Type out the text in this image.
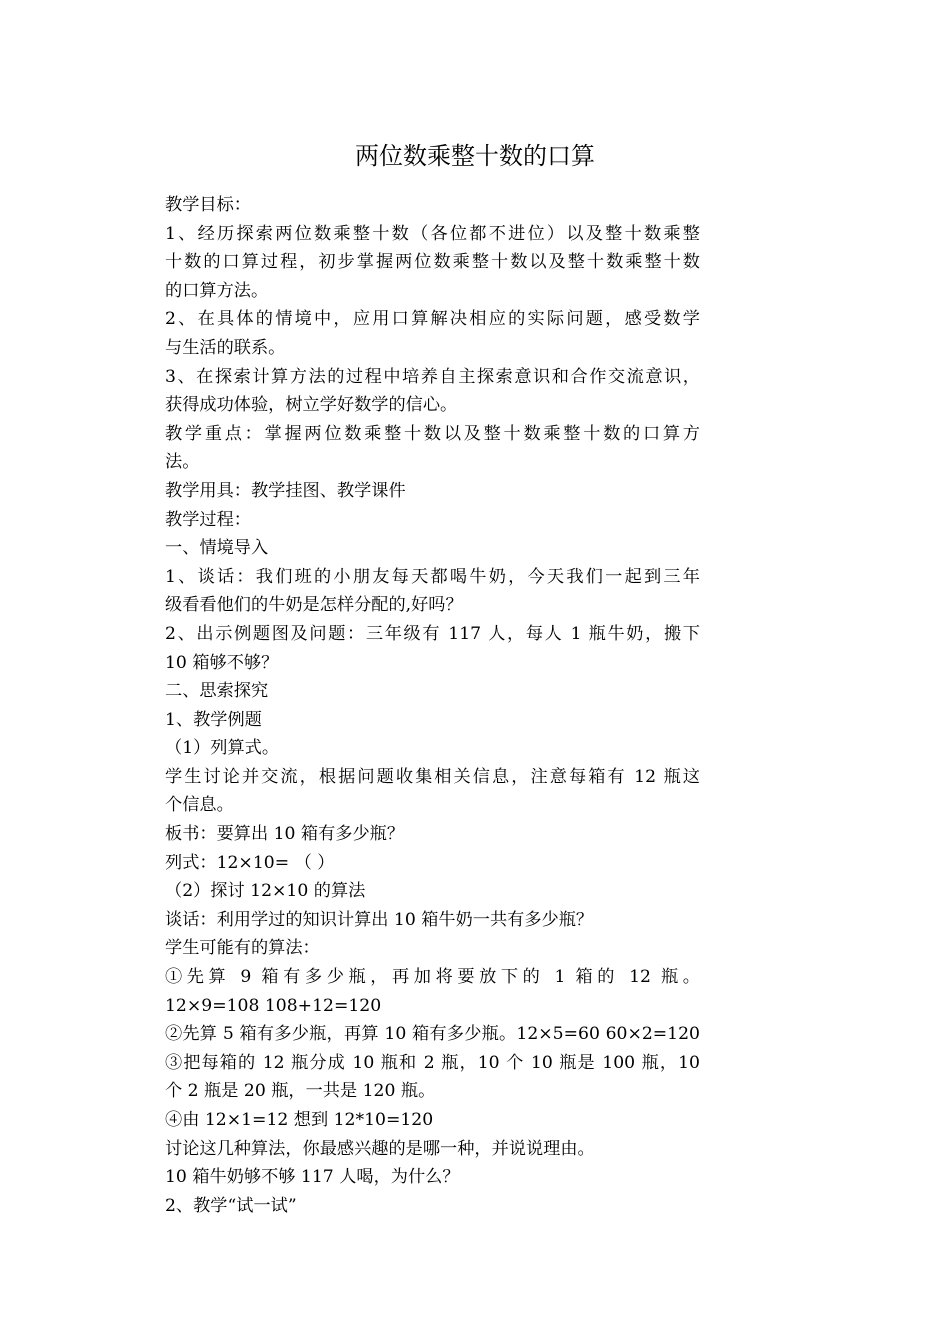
两位数乘整十数的口算
教学目标：
1、经历探索两位数乘整十数（各位都不进位）以及整十数乘整
十数的口算过程，初步掌握两位数乘整十数以及整十数乘整十数
的口算方法。
2、在具体的情境中，应用口算解决相应的实际问题，感受数学
与生活的联系。
3、在探索计算方法的过程中培养自主探索意识和合作交流意识，
获得成功体验，树立学好数学的信心。
教学重点：掌握两位数乘整十数以及整十数乘整十数的口算方
法。
教学用具：教学挂图、教学课件
教学过程：
一、情境导入
1、谈话：我们班的小朋友每天都喝牛奶，今天我们一起到三年
级看看他们的牛奶是怎样分配的,好吗？
2、出示例题图及问题：三年级有 117 人，每人 1 瓶牛奶，搬下
10 箱够不够？
二、思索探究
1、教学例题
（1）列算式。
学生讨论并交流，根据问题收集相关信息，注意每箱有 12 瓶这
个信息。
板书：要算出 10 箱有多少瓶？
列式：12×10= （ ）
（2）探讨 12×10 的算法
谈话：利用学过的知识计算出 10 箱牛奶一共有多少瓶？
学生可能有的算法：
①先算 9 箱有多少瓶，再加将要放下的 1 箱的 12 瓶。
12×9=108 108+12=120
②先算 5 箱有多少瓶，再算 10 箱有多少瓶。12×5=60 60×2=120
③把每箱的 12 瓶分成 10 瓶和 2 瓶，10 个 10 瓶是 100 瓶，10
个 2 瓶是 20 瓶，一共是 120 瓶。
④由 12×1=12 想到 12*10=120
讨论这几种算法，你最感兴趣的是哪一种，并说说理由。
10 箱牛奶够不够 117 人喝，为什么？
2、教学“试一试”
